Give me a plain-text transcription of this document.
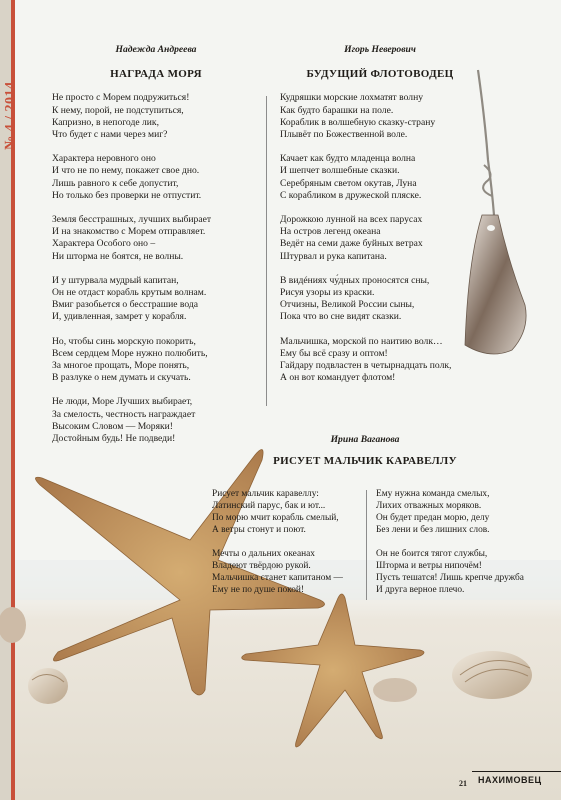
№ 4 / 2014
Надежда Андреева
НАГРАДА МОРЯ
Не просто с Морем подружиться!
К нему, порой, не подступиться,
Капризно, в непогоде лик,
Что будет с нами через миг?
Характера неровного оно
И что не по нему, покажет свое дно.
Лишь равного к себе допустит,
Но только без проверки не отпустит.
Земля бесстрашных, лучших выбирает
И на знакомство с Морем отправляет.
Характера Особого оно –
Ни шторма не боятся, не волны.
И у штурвала мудрый капитан,
Он не отдаст корабль крутым волнам.
Вмиг разобьется о бесстрашие вода
И, удивленная, замрет у корабля.
Но, чтобы синь морскую покорить,
Всем сердцем Море нужно полюбить,
За многое прощать, Море понять,
В разлуке о нем думать и скучать.
Не люди, Море Лучших выбирает,
За смелость, честность награждает
Высоким Словом — Моряки!
Достойным будь! Не подведи!
Игорь Неверович
БУДУЩИЙ ФЛОТОВОДЕЦ
Кудряшки морские лохматят волну
Как будто барашки на поле.
Кораблик в волшебную сказку-страну
Плывёт по Божественной воле.
Качает как будто младенца волна
И шепчет волшебные сказки.
Серебряным светом окутав, Луна
С корабликом в дружеской пляске.
Дорожкою лунной на всех парусах
На остров легенд океана
Ведёт на семи даже буйных ветрах
Штурвал и рука капитана.
В видéниях чу́дных проносятся сны,
Рисуя узоры из краски.
Отчизны, Великой России сыны,
Пока что во сне видят сказки.
Мальчишка, морской по наитию волк…
Ему бы всё сразу и оптом!
Гайдару подвластен в четырнадцать полк,
А он вот командует флотом!
Ирина Ваганова
РИСУЕТ МАЛЬЧИК КАРАВЕЛЛУ
Рисует мальчик каравеллу:
Латинский парус, бак и ют...
По морю мчит корабль смелый,
А ветры стонут и поют.
Мечты о дальних океанах
Владеют твёрдою рукой.
Мальчишка станет капитаном —
Ему не по душе покой!
Ему нужна команда смелых,
Лихих отважных моряков.
Он будет предан морю, делу
Без лени и без лишних слов.
Он не боится тягот службы,
Шторма и ветры нипочём!
Пусть тешатся! Лишь крепче дружба
И друга верное плечо.
21 НАХИМОВЕЦ
